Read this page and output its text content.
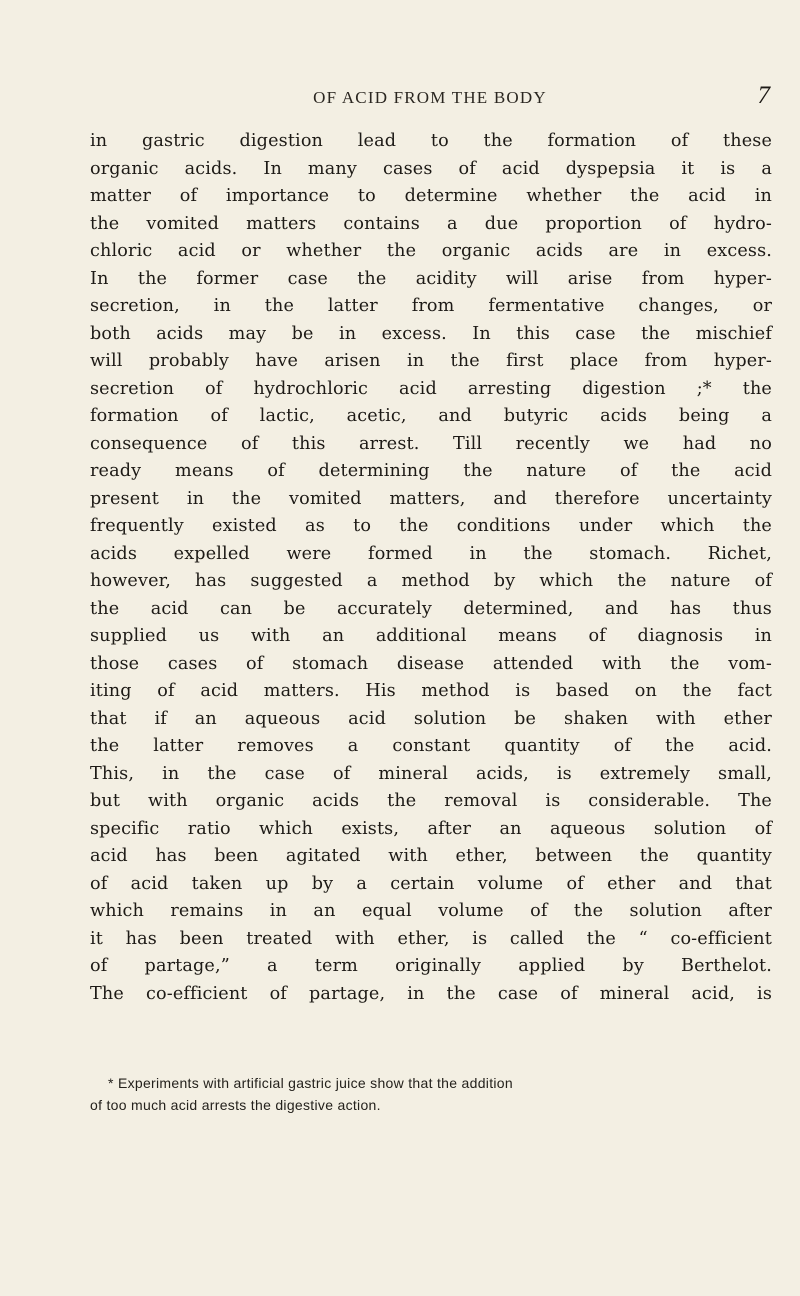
OF ACID FROM THE BODY	7
in gastric digestion lead to the formation of these
organic acids. In many cases of acid dyspepsia it is a
matter of importance to determine whether the acid in
the vomited matters contains a due proportion of hydro-
chloric acid or whether the organic acids are in excess.
In the former case the acidity will arise from hyper-
secretion, in the latter from fermentative changes, or
both acids may be in excess. In this case the mischief
will probably have arisen in the first place from hyper-
secretion of hydrochloric acid arresting digestion ;* the
formation of lactic, acetic, and butyric acids being a
consequence of this arrest. Till recently we had no
ready means of determining the nature of the acid
present in the vomited matters, and therefore uncertainty
frequently existed as to the conditions under which the
acids expelled were formed in the stomach. Richet,
however, has suggested a method by which the nature of
the acid can be accurately determined, and has thus
supplied us with an additional means of diagnosis in
those cases of stomach disease attended with the vom-
iting of acid matters. His method is based on the fact
that if an aqueous acid solution be shaken with ether
the latter removes a constant quantity of the acid.
This, in the case of mineral acids, is extremely small,
but with organic acids the removal is considerable. The
specific ratio which exists, after an aqueous solution of
acid has been agitated with ether, between the quantity
of acid taken up by a certain volume of ether and that
which remains in an equal volume of the solution after
it has been treated with ether, is called the “ co-efficient
of partage,” a term originally applied by Berthelot.
The co-efficient of partage, in the case of mineral acid, is
* Experiments with artificial gastric juice show that the addition
of too much acid arrests the digestive action.
